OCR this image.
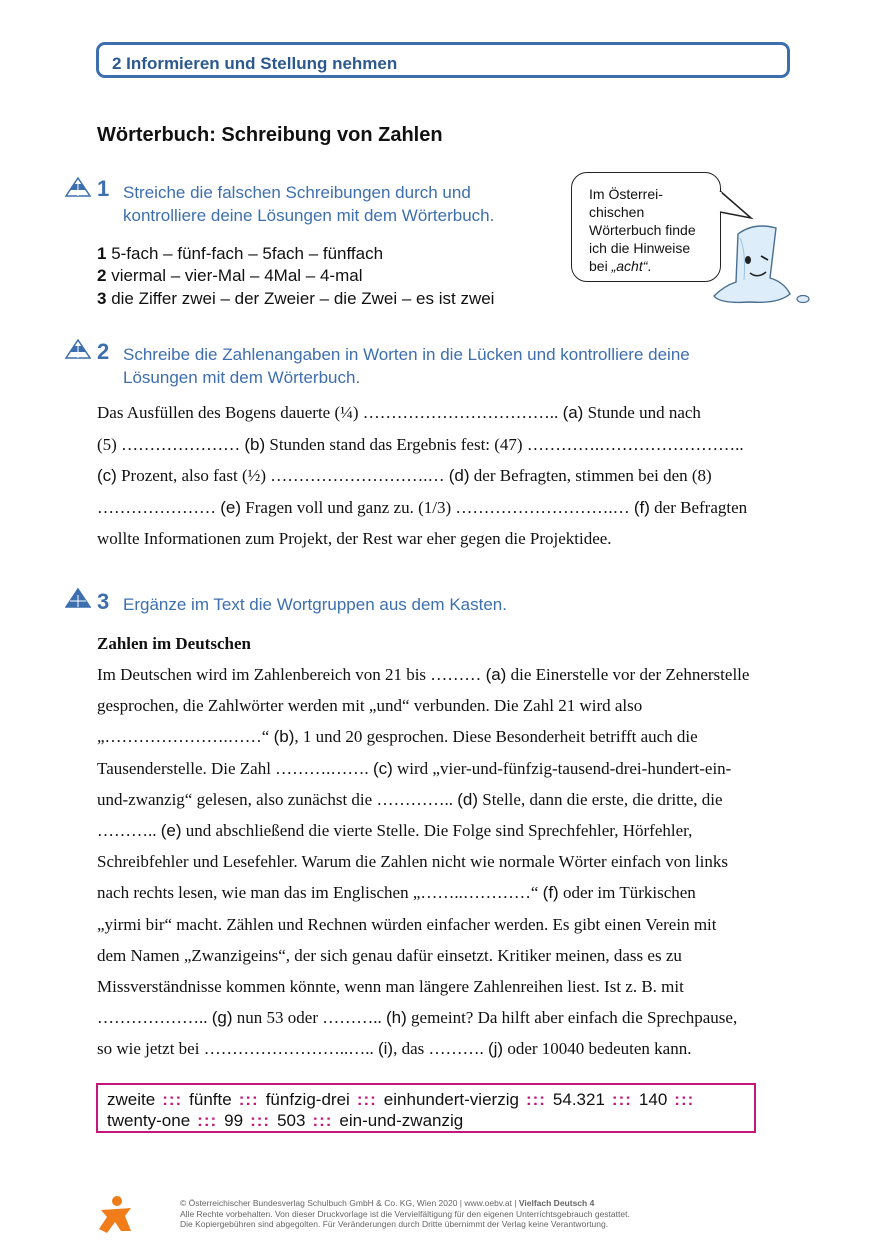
2 Informieren und Stellung nehmen
Wörterbuch: Schreibung von Zahlen
1 Streiche die falschen Schreibungen durch und
kontrolliere deine Lösungen mit dem Wörterbuch.
1 5-fach – fünf-fach – 5fach – fünffach
2 viermal – vier-Mal – 4Mal – 4-mal
3 die Ziffer zwei – der Zweier – die Zwei – es ist zwei
Im Österrei-
chischen
Wörterbuch finde
ich die Hinweise
bei „acht“.
2 Schreibe die Zahlenangaben in Worten in die Lücken und kontrolliere deine
Lösungen mit dem Wörterbuch.
Das Ausfüllen des Bogens dauerte (¼) …………………………….. (a) Stunde und nach
(5) ………………… (b) Stunden stand das Ergebnis fest: (47) ………….……………………..
(c) Prozent, also fast (½) ……………………….… (d) der Befragten, stimmen bei den (8)
………………… (e) Fragen voll und ganz zu. (1/3) ……………………….… (f) der Befragten
wollte Informationen zum Projekt, der Rest war eher gegen die Projektidee.
3 Ergänze im Text die Wortgruppen aus dem Kasten.
Zahlen im Deutschen
Im Deutschen wird im Zahlenbereich von 21 bis ……… (a) die Einerstelle vor der Zehnerstelle
gesprochen, die Zahlwörter werden mit „und“ verbunden. Die Zahl 21 wird also
„………………….……“ (b), 1 und 20 gesprochen. Diese Besonderheit betrifft auch die
Tausenderstelle. Die Zahl ……….……. (c) wird „vier-und-fünfzig-tausend-drei-hundert-ein-
und-zwanzig“ gelesen, also zunächst die ………….. (d) Stelle, dann die erste, die dritte, die
……….. (e) und abschließend die vierte Stelle. Die Folge sind Sprechfehler, Hörfehler,
Schreibfehler und Lesefehler. Warum die Zahlen nicht wie normale Wörter einfach von links
nach rechts lesen, wie man das im Englischen „……..…………“ (f) oder im Türkischen
„yirmi bir“ macht. Zählen und Rechnen würden einfacher werden. Es gibt einen Verein mit
dem Namen „Zwanzigeins“, der sich genau dafür einsetzt. Kritiker meinen, dass es zu
Missverständnisse kommen könnte, wenn man längere Zahlenreihen liest. Ist z. B. mit
……………….. (g) nun 53 oder ……….. (h) gemeint? Da hilft aber einfach die Sprechpause,
so wie jetzt bei ……………………..….. (i), das ………. (j) oder 10040 bedeuten kann.
zweite ::: fünfte ::: fünfzig-drei ::: einhundert-vierzig ::: 54.321 ::: 140 :::
twenty-one ::: 99 ::: 503 ::: ein-und-zwanzig
© Österreichischer Bundesverlag Schulbuch GmbH & Co. KG, Wien 2020 | www.oebv.at | Vielfach Deutsch 4
Alle Rechte vorbehalten. Von dieser Druckvorlage ist die Vervielfältigung für den eigenen Unterrichtsgebrauch gestattet.
Die Kopiergebühren sind abgegolten. Für Veränderungen durch Dritte übernimmt der Verlag keine Verantwortung.
